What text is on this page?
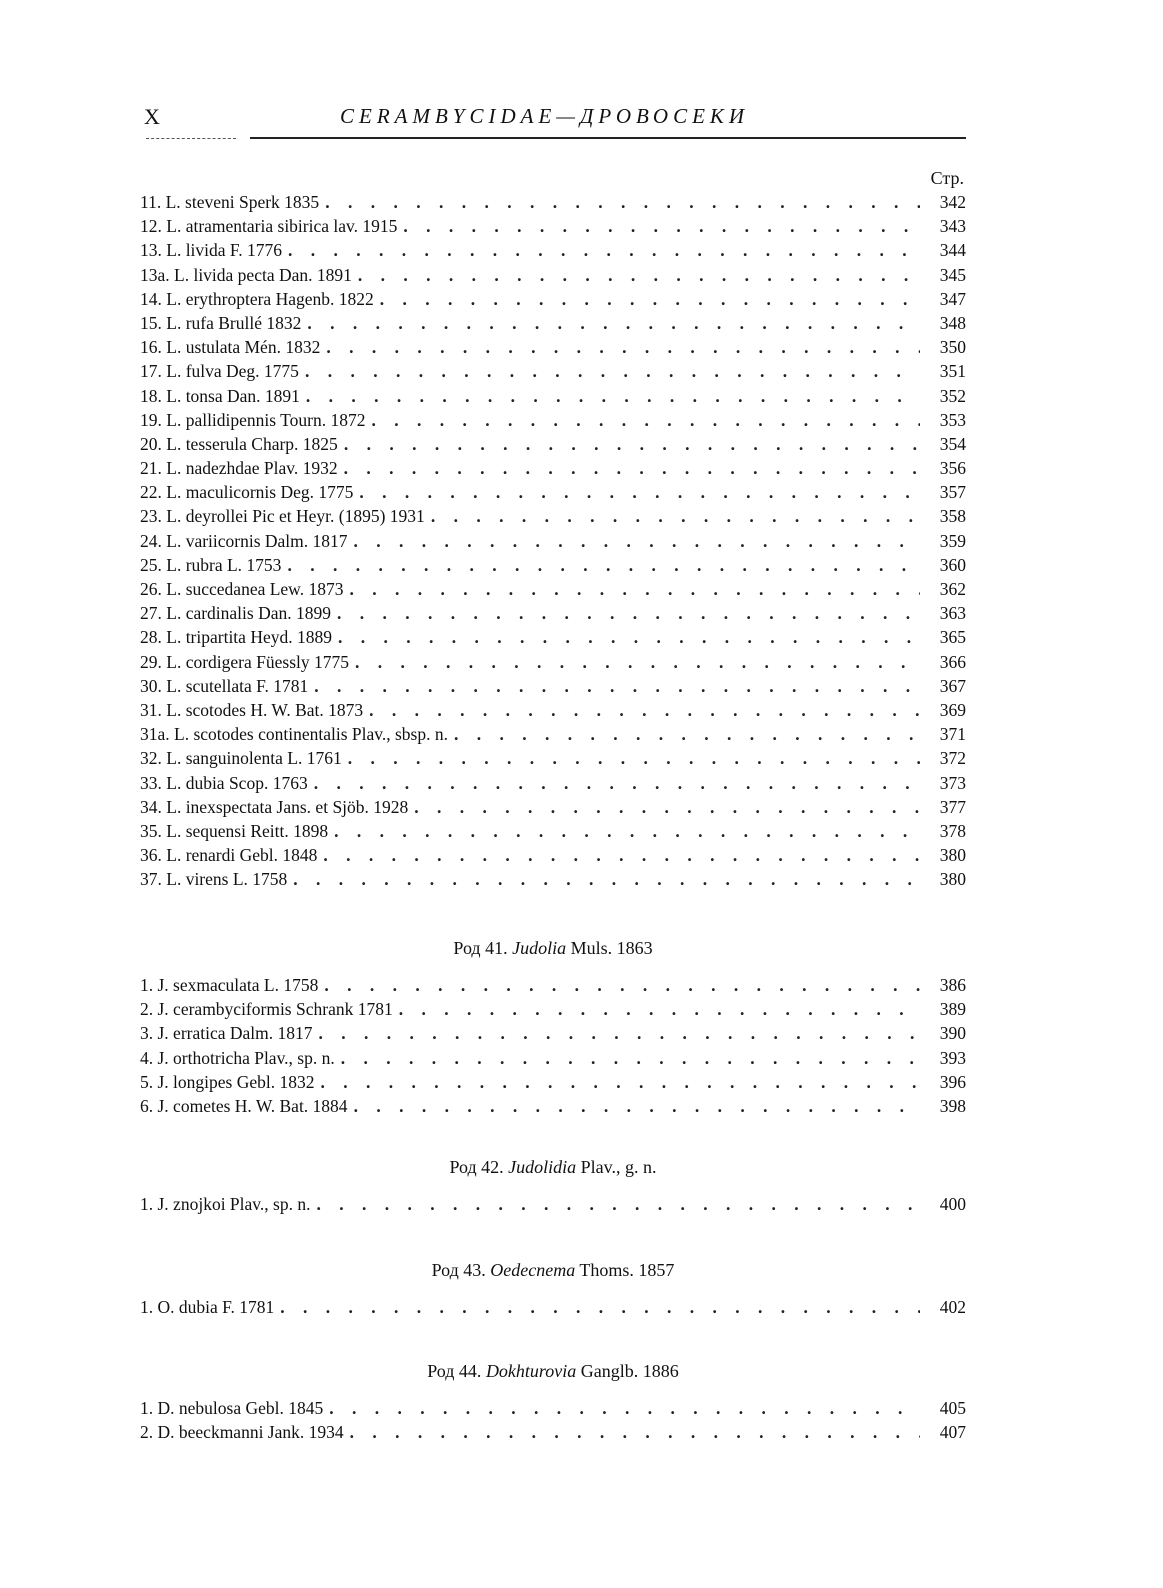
X	CERAMBYCIDAE—ДРОВОСЕКИ
Стр.
11. L. steveni Sperk 1835 . . .	342
12. L. atramentaria sibirica lav. 1915 . . .	343
13. L. livida F. 1776 . . .	344
13a. L. livida pecta Dan. 1891 . . .	345
14. L. erythroptera Hagenb. 1822 . . .	347
15. L. rufa Brullé 1832 . . .	348
16. L. ustulata Mén. 1832 . . .	350
17. L. fulva Deg. 1775 . . .	351
18. L. tonsa Dan. 1891 . . .	352
19. L. pallidipennis Tourn. 1872 . . .	353
20. L. tesserula Charp. 1825 . . .	354
21. L. nadezhdae Plav. 1932 . . .	356
22. L. maculicornis Deg. 1775 . . .	357
23. L. deyrollei Pic et Heyr. (1895) 1931 . . .	358
24. L. variicornis Dalm. 1817 . . .	359
25. L. rubra L. 1753 . . .	360
26. L. succedanea Lew. 1873 . . .	362
27. L. cardinalis Dan. 1899 . . .	363
28. L. tripartita Heyd. 1889 . . .	365
29. L. cordigera Füessly 1775 . . .	366
30. L. scutellata F. 1781 . . .	367
31. L. scotodes H. W. Bat. 1873 . . .	369
31a. L. scotodes continentalis Plav., sbsp. n. . . .	371
32. L. sanguinolenta L. 1761 . . .	372
33. L. dubia Scop. 1763 . . .	373
34. L. inexspectata Jans. et Sjöb. 1928 . . .	377
35. L. sequensi Reitt. 1898 . . .	378
36. L. renardi Gebl. 1848 . . .	380
37. L. virens L. 1758 . . .	380
Род 41. Judolia Muls. 1863
1. J. sexmaculata L. 1758 . . .	386
2. J. cerambyciformis Schrank 1781 . . .	389
3. J. erratica Dalm. 1817 . . .	390
4. J. orthotricha Plav., sp. n. . . .	393
5. J. longipes Gebl. 1832 . . .	396
6. J. cometes H. W. Bat. 1884 . . .	398
Род 42. Judolidia Plav., g. n.
1. J. znojkoi Plav., sp. n. . . .	400
Род 43. Oedecnema Thoms. 1857
1. O. dubia F. 1781 . . .	402
Род 44. Dokhturovia Ganglb. 1886
1. D. nebulosa Gebl. 1845 . . .	405
2. D. beeckmanni Jank. 1934 . . .	407
